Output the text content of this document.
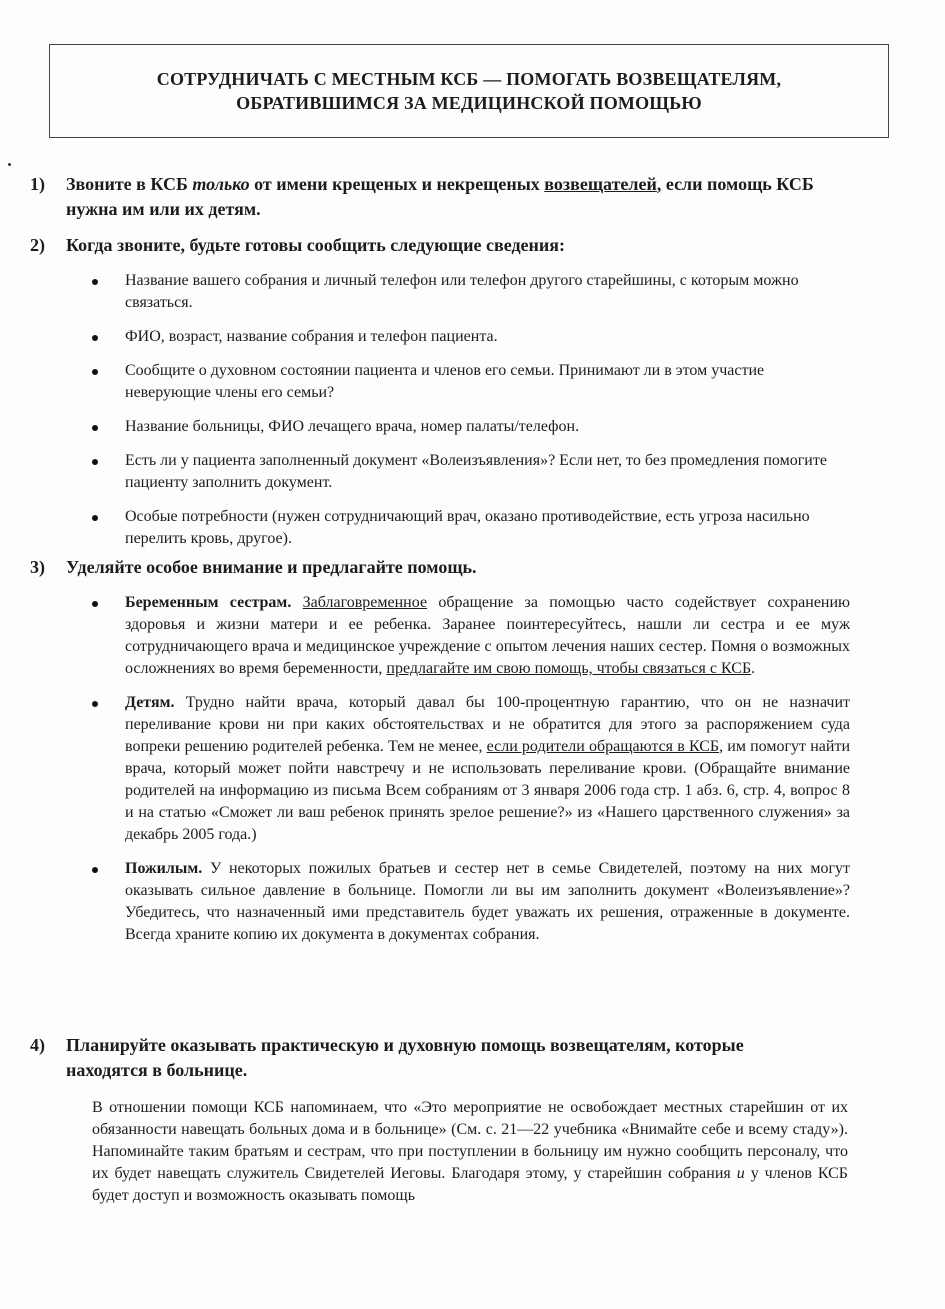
СОТРУДНИЧАТЬ С МЕСТНЫМ КСБ — ПОМОГАТЬ ВОЗВЕЩАТЕЛЯМ,
ОБРАТИВШИМСЯ ЗА МЕДИЦИНСКОЙ ПОМОЩЬЮ
1)	Звоните в КСБ только от имени крещеных и некрещеных возвещателей, если помощь КСБ нужна им или их детям.
2)	Когда звоните, будьте готовы сообщить следующие сведения:
Название вашего собрания и личный телефон или телефон другого старейшины, с которым можно связаться.
ФИО, возраст, название собрания и телефон пациента.
Сообщите о духовном состоянии пациента и членов его семьи. Принимают ли в этом участие неверующие члены его семьи?
Название больницы, ФИО лечащего врача, номер палаты/телефон.
Есть ли у пациента заполненный документ «Волеизъявления»? Если нет, то без промедления помогите пациенту заполнить документ.
Особые потребности (нужен сотрудничающий врач, оказано противодействие, есть угроза насильно перелить кровь, другое).
3)	Уделяйте особое внимание и предлагайте помощь.
Беременным сестрам. Заблаговременное обращение за помощью часто содействует сохранению здоровья и жизни матери и ее ребенка. Заранее поинтересуйтесь, нашли ли сестра и ее муж сотрудничающего врача и медицинское учреждение с опытом лечения наших сестер. Помня о возможных осложнениях во время беременности, предлагайте им свою помощь, чтобы связаться с КСБ.
Детям. Трудно найти врача, который давал бы 100-процентную гарантию, что он не назначит переливание крови ни при каких обстоятельствах и не обратится для этого за распоряжением суда вопреки решению родителей ребенка. Тем не менее, если родители обращаются в КСБ, им помогут найти врача, который может пойти навстречу и не использовать переливание крови. (Обращайте внимание родителей на информацию из письма Всем собраниям от 3 января 2006 года стр. 1 абз. 6, стр. 4, вопрос 8 и на статью «Сможет ли ваш ребенок принять зрелое решение?» из «Нашего царственного служения» за декабрь 2005 года.)
Пожилым. У некоторых пожилых братьев и сестер нет в семье Свидетелей, поэтому на них могут оказывать сильное давление в больнице. Помогли ли вы им заполнить документ «Волеизъявление»? Убедитесь, что назначенный ими представитель будет уважать их решения, отраженные в документе. Всегда храните копию их документа в документах собрания.
4)	Планируйте оказывать практическую и духовную помощь возвещателям, которые находятся в больнице.
В отношении помощи КСБ напоминаем, что «Это мероприятие не освобождает местных старейшин от их обязанности навещать больных дома и в больнице» (См. с. 21—22 учебника «Внимайте себе и всему стаду»). Напоминайте таким братьям и сестрам, что при поступлении в больницу им нужно сообщить персоналу, что их будет навещать служитель Свидетелей Иеговы. Благодаря этому, у старейшин собрания и у членов КСБ будет доступ и возможность оказывать помощь
